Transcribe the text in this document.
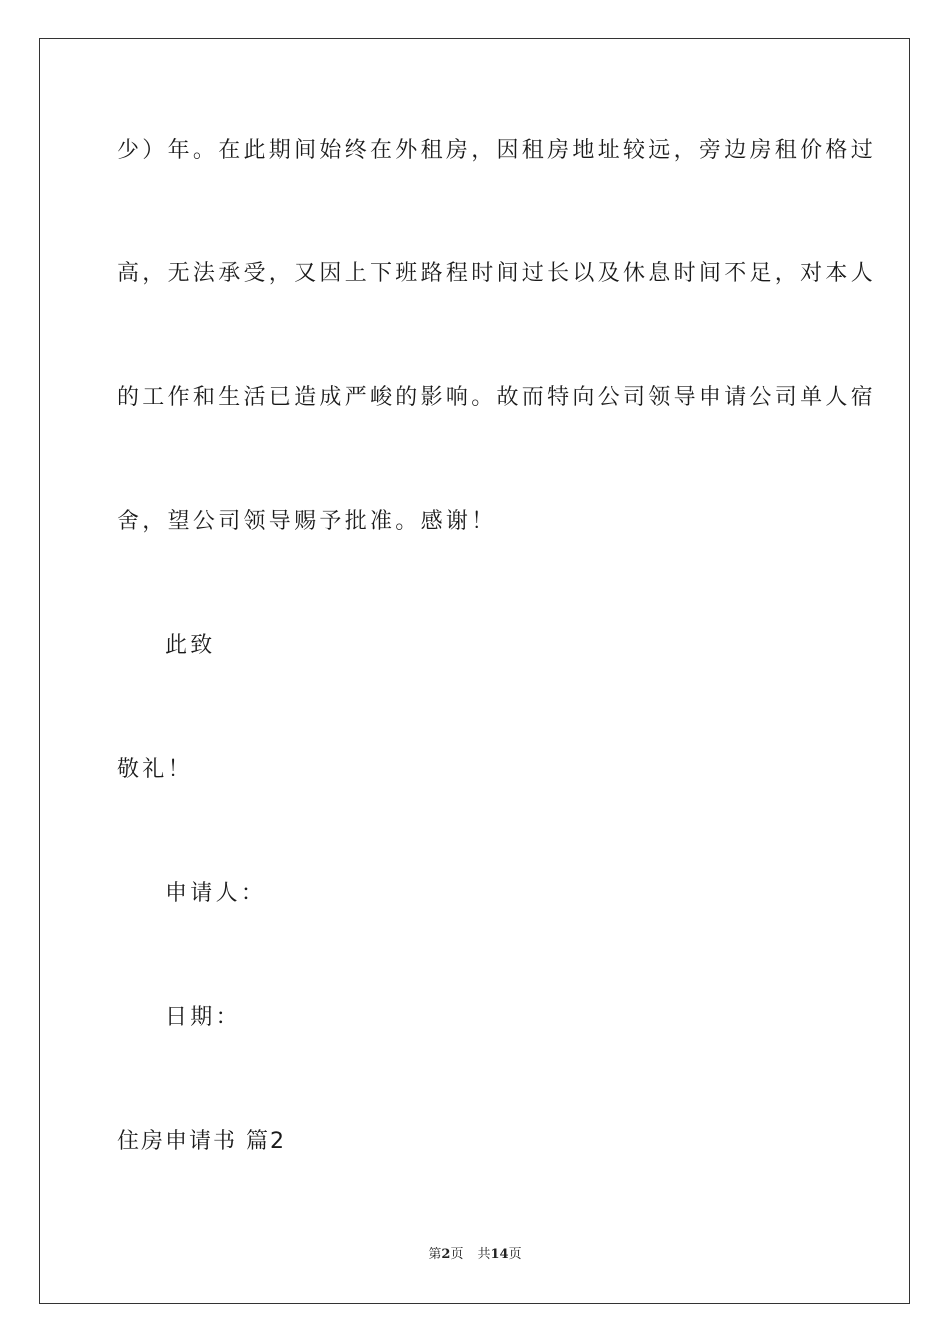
少）年。在此期间始终在外租房，因租房地址较远，旁边房租价格过

高，无法承受，又因上下班路程时间过长以及休息时间不足，对本人

的工作和生活已造成严峻的影响。故而特向公司领导申请公司单人宿

舍，望公司领导赐予批准。感谢！

此致

敬礼！

申请人：

日期：

住房申请书 篇2

第2页 共14页
